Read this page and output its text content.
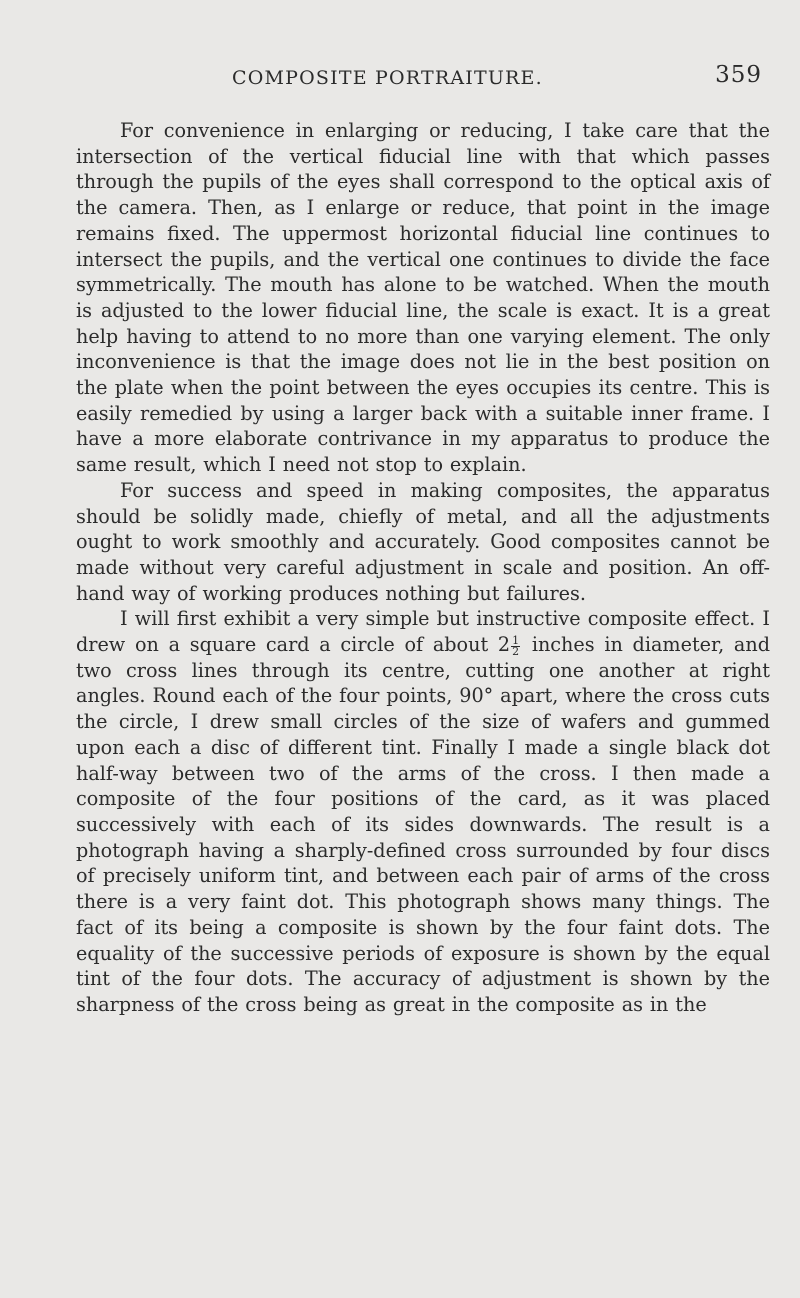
COMPOSITE PORTRAITURE.	359

For convenience in enlarging or reducing, I take care that the intersection of the vertical fiducial line with that which passes through the pupils of the eyes shall correspond to the optical axis of the camera. Then, as I enlarge or reduce, that point in the image remains fixed. The uppermost horizontal fiducial line continues to intersect the pupils, and the vertical one continues to divide the face symmetrically. The mouth has alone to be watched. When the mouth is adjusted to the lower fiducial line, the scale is exact. It is a great help having to attend to no more than one varying element. The only inconvenience is that the image does not lie in the best position on the plate when the point between the eyes occupies its centre. This is easily remedied by using a larger back with a suitable inner frame. I have a more elaborate contrivance in my apparatus to produce the same result, which I need not stop to explain.

For success and speed in making composites, the apparatus should be solidly made, chiefly of metal, and all the adjustments ought to work smoothly and accurately. Good composites cannot be made without very careful adjustment in scale and position. An off-hand way of working produces nothing but failures.

I will first exhibit a very simple but instructive composite effect. I drew on a square card a circle of about $2 \frac{1}{2}$ inches in diameter, and two cross lines through its centre, cutting one another at right angles. Round each of the four points, 90° apart, where the cross cuts the circle, I drew small circles of the size of wafers and gummed upon each a disc of different tint. Finally I made a single black dot half-way between two of the arms of the cross. I then made a composite of the four positions of the card, as it was placed successively with each of its sides downwards. The result is a photograph having a sharply-defined cross surrounded by four discs of precisely uniform tint, and between each pair of arms of the cross there is a very faint dot. This photograph shows many things. The fact of its being a composite is shown by the four faint dots. The equality of the successive periods of exposure is shown by the equal tint of the four dots. The accuracy of adjustment is shown by the sharpness of the cross being as great in the composite as in the
